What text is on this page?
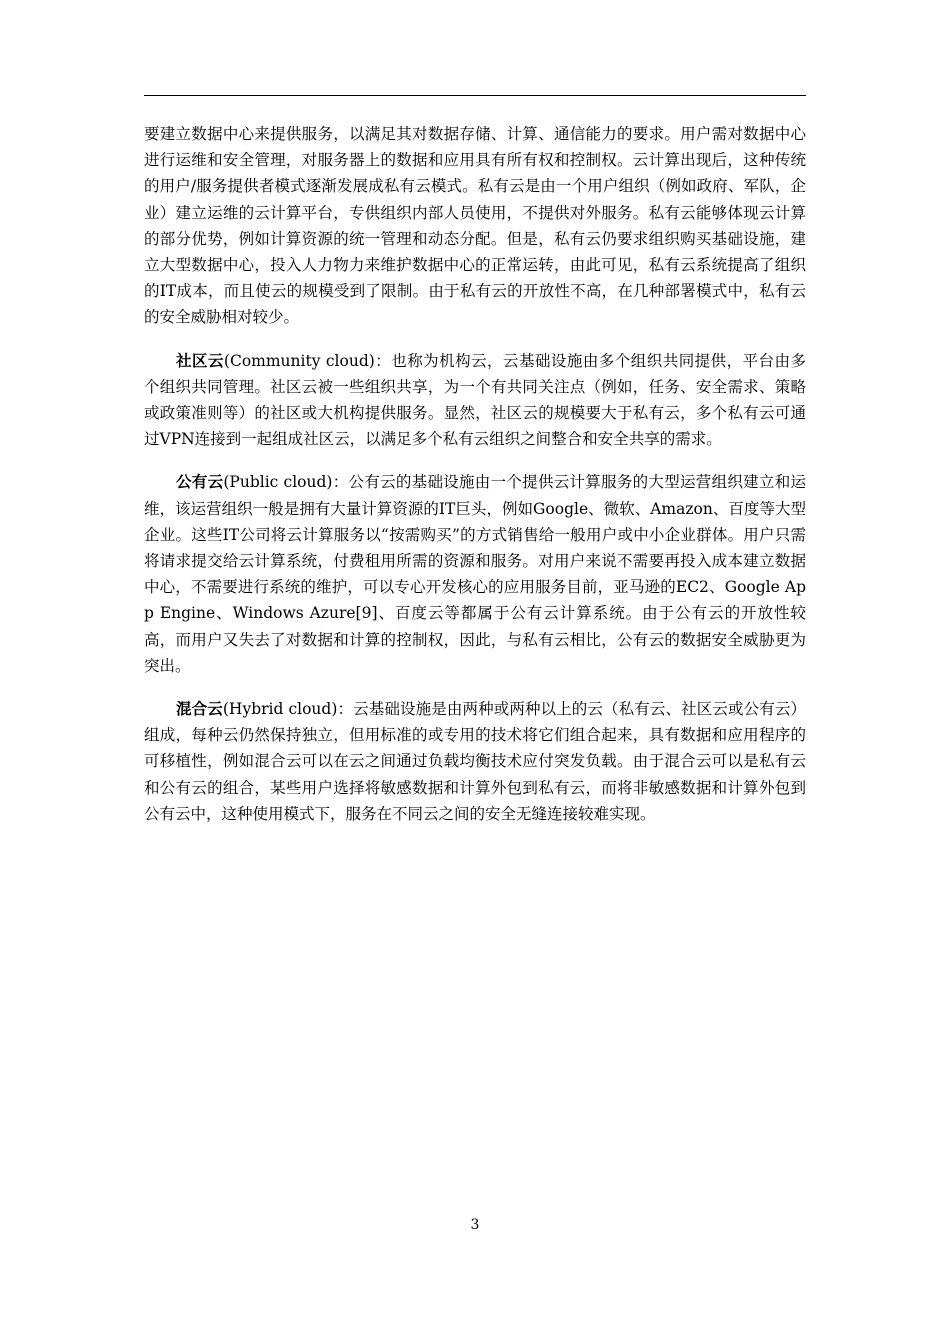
要建立数据中心来提供服务，以满足其对数据存储、计算、通信能力的要求。用户需对数据中心进行运维和安全管理，对服务器上的数据和应用具有所有权和控制权。云计算出现后，这种传统的用户/服务提供者模式逐渐发展成私有云模式。私有云是由一个用户组织（例如政府、军队，企业）建立运维的云计算平台，专供组织内部人员使用，不提供对外服务。私有云能够体现云计算的部分优势，例如计算资源的统一管理和动态分配。但是，私有云仍要求组织购买基础设施，建立大型数据中心，投入人力物力来维护数据中心的正常运转，由此可见，私有云系统提高了组织的IT成本，而且使云的规模受到了限制。由于私有云的开放性不高，在几种部署模式中，私有云的安全威胁相对较少。

社区云(Community cloud)：也称为机构云，云基础设施由多个组织共同提供，平台由多个组织共同管理。社区云被一些组织共享，为一个有共同关注点（例如，任务、安全需求、策略或政策准则等）的社区或大机构提供服务。显然，社区云的规模要大于私有云，多个私有云可通过VPN连接到一起组成社区云，以满足多个私有云组织之间整合和安全共享的需求。

公有云(Public cloud)：公有云的基础设施由一个提供云计算服务的大型运营组织建立和运维，该运营组织一般是拥有大量计算资源的IT巨头，例如Google、微软、Amazon、百度等大型企业。这些IT公司将云计算服务以“按需购买”的方式销售给一般用户或中小企业群体。用户只需将请求提交给云计算系统，付费租用所需的资源和服务。对用户来说不需要再投入成本建立数据中心，不需要进行系统的维护，可以专心开发核心的应用服务目前，亚马逊的EC2、Google App Engine、Windows Azure[9]、百度云等都属于公有云计算系统。由于公有云的开放性较高，而用户又失去了对数据和计算的控制权，因此，与私有云相比，公有云的数据安全威胁更为突出。

混合云(Hybrid cloud)：云基础设施是由两种或两种以上的云（私有云、社区云或公有云）组成，每种云仍然保持独立，但用标准的或专用的技术将它们组合起来，具有数据和应用程序的可移植性，例如混合云可以在云之间通过负载均衡技术应付突发负载。由于混合云可以是私有云和公有云的组合，某些用户选择将敏感数据和计算外包到私有云，而将非敏感数据和计算外包到公有云中，这种使用模式下，服务在不同云之间的安全无缝连接较难实现。

3
